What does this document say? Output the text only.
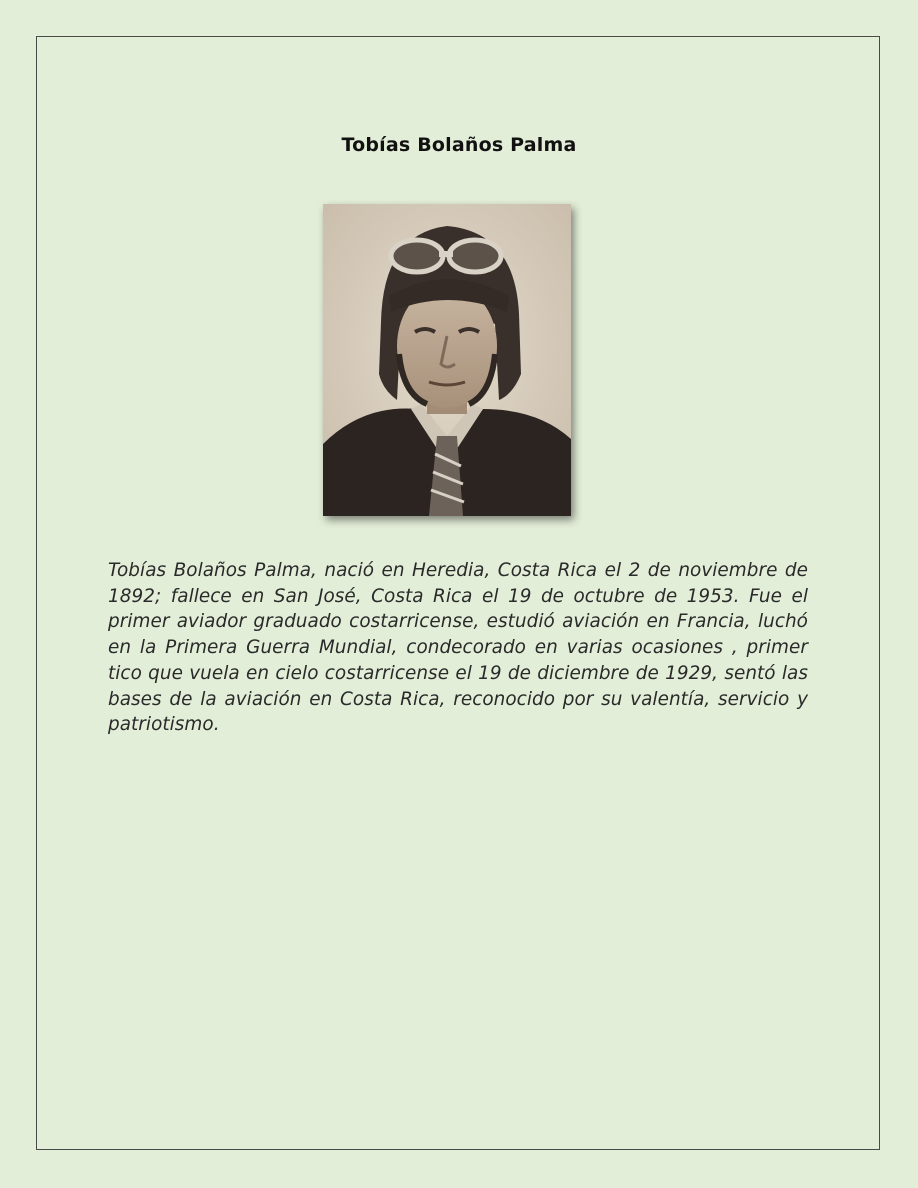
Tobías Bolaños Palma

Tobías Bolaños Palma, nació en Heredia, Costa Rica el 2 de noviembre de 1892; fallece en San José, Costa Rica el 19 de octubre de 1953. Fue el primer aviador graduado costarricense, estudió aviación en Francia, luchó en la Primera Guerra Mundial, condecorado en varias ocasiones , primer tico que vuela en cielo costarricense el 19 de diciembre de 1929, sentó las bases de la aviación en Costa Rica, reconocido por su valentía, servicio y patriotismo.
